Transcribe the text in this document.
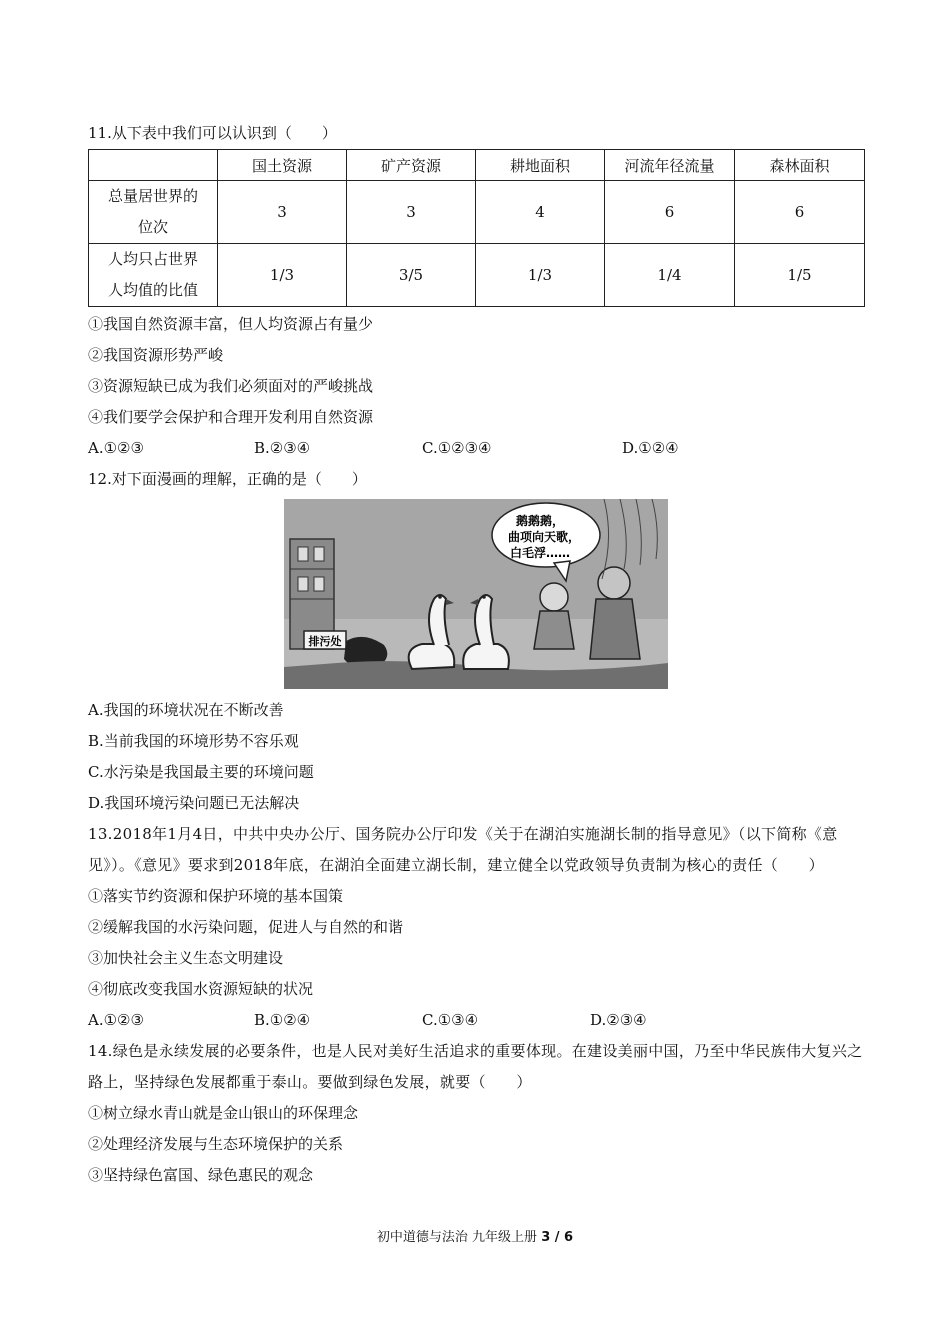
11.从下表中我们可以认识到（　　）
	国土资源	矿产资源	耕地面积	河流年径流量	森林面积
总量居世界的
位次	3	3	4	6	6
人均只占世界
人均值的比值	1/3	3/5	1/3	1/4	1/5
①我国自然资源丰富，但人均资源占有量少
②我国资源形势严峻
③资源短缺已成为我们必须面对的严峻挑战
④我们要学会保护和合理开发利用自然资源
A.①②③	B.②③④	C.①②③④	D.①②④
12.对下面漫画的理解，正确的是（　　）
排污处
鹅鹅鹅，
曲项向天歌，
白毛浮……
A.我国的环境状况在不断改善
B.当前我国的环境形势不容乐观
C.水污染是我国最主要的环境问题
D.我国环境污染问题已无法解决
13.2018年1月4日，中共中央办公厅、国务院办公厅印发《关于在湖泊实施湖长制的指导意见》（以下简称《意见》）。《意见》要求到2018年底，在湖泊全面建立湖长制，建立健全以党政领导负责制为核心的责任（　　）
①落实节约资源和保护环境的基本国策
②缓解我国的水污染问题，促进人与自然的和谐
③加快社会主义生态文明建设
④彻底改变我国水资源短缺的状况
A.①②③	B.①②④	C.①③④	D.②③④
14.绿色是永续发展的必要条件，也是人民对美好生活追求的重要体现。在建设美丽中国，乃至中华民族伟大复兴之路上，坚持绿色发展都重于泰山。要做到绿色发展，就要（　　）
①树立绿水青山就是金山银山的环保理念
②处理经济发展与生态环境保护的关系
③坚持绿色富国、绿色惠民的观念
初中道德与法治 九年级上册 3 / 6
